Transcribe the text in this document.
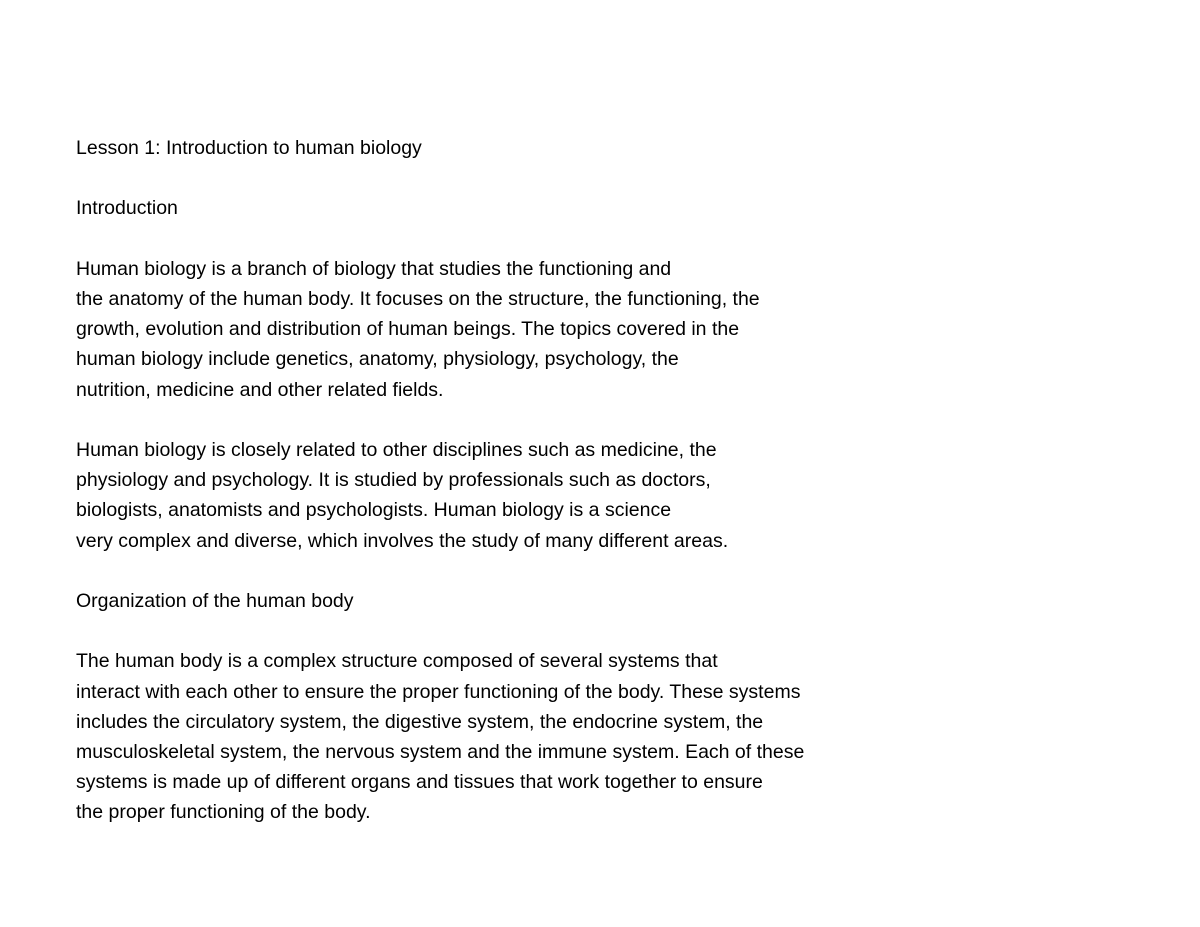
Lesson 1: Introduction to human biology

Introduction

Human biology is a branch of biology that studies the functioning and

the anatomy of the human body. It focuses on the structure, the functioning, the

growth, evolution and distribution of human beings. The topics covered in the

human biology include genetics, anatomy, physiology, psychology, the

nutrition, medicine and other related fields.

Human biology is closely related to other disciplines such as medicine, the

physiology and psychology. It is studied by professionals such as doctors,

biologists, anatomists and psychologists. Human biology is a science

very complex and diverse, which involves the study of many different areas.

Organization of the human body

The human body is a complex structure composed of several systems that

interact with each other to ensure the proper functioning of the body. These systems

includes the circulatory system, the digestive system, the endocrine system, the

musculoskeletal system, the nervous system and the immune system. Each of these

systems is made up of different organs and tissues that work together to ensure

the proper functioning of the body.
